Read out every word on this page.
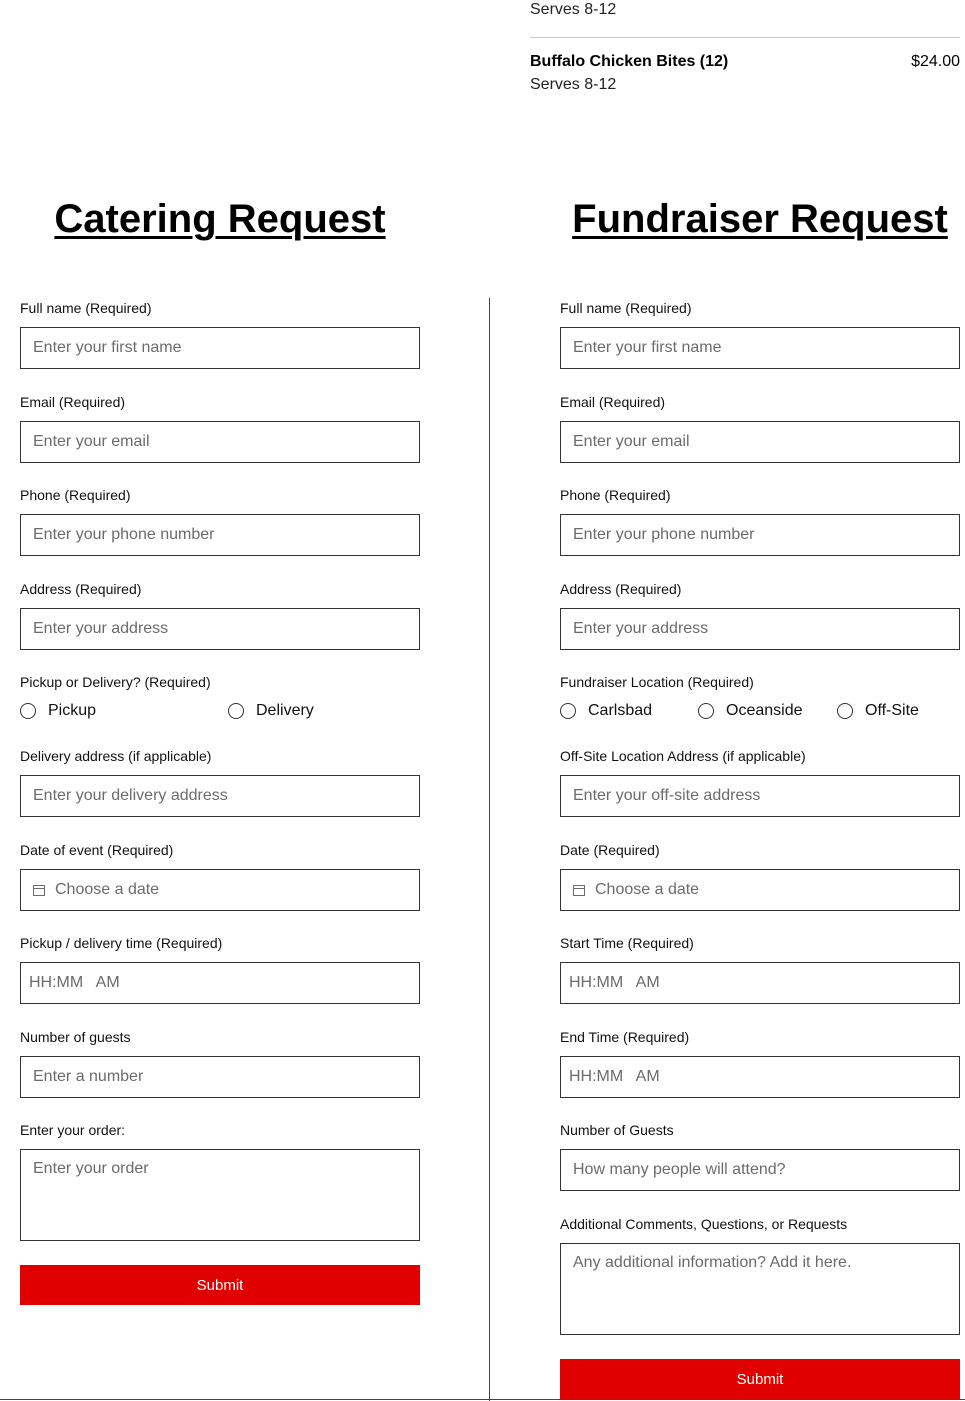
Serves 8-12
Buffalo Chicken Bites (12)	$24.00
Serves 8-12
Catering Request	Fundraiser Request
Full name (Required)
Enter your first name
Email (Required)
Enter your email
Phone (Required)
Enter your phone number
Address (Required)
Enter your address
Pickup or Delivery? (Required)
Pickup	Delivery
Delivery address (if applicable)
Enter your delivery address
Date of event (Required)
Choose a date
Pickup / delivery time (Required)
HH:MM   AM
Number of guests
Enter a number
Enter your order:
Enter your order
Submit
Full name (Required)
Enter your first name
Email (Required)
Enter your email
Phone (Required)
Enter your phone number
Address (Required)
Enter your address
Fundraiser Location (Required)
Carlsbad	Oceanside	Off-Site
Off-Site Location Address (if applicable)
Enter your off-site address
Date (Required)
Choose a date
Start Time (Required)
HH:MM   AM
End Time (Required)
HH:MM   AM
Number of Guests
How many people will attend?
Additional Comments, Questions, or Requests
Any additional information? Add it here.
Submit
